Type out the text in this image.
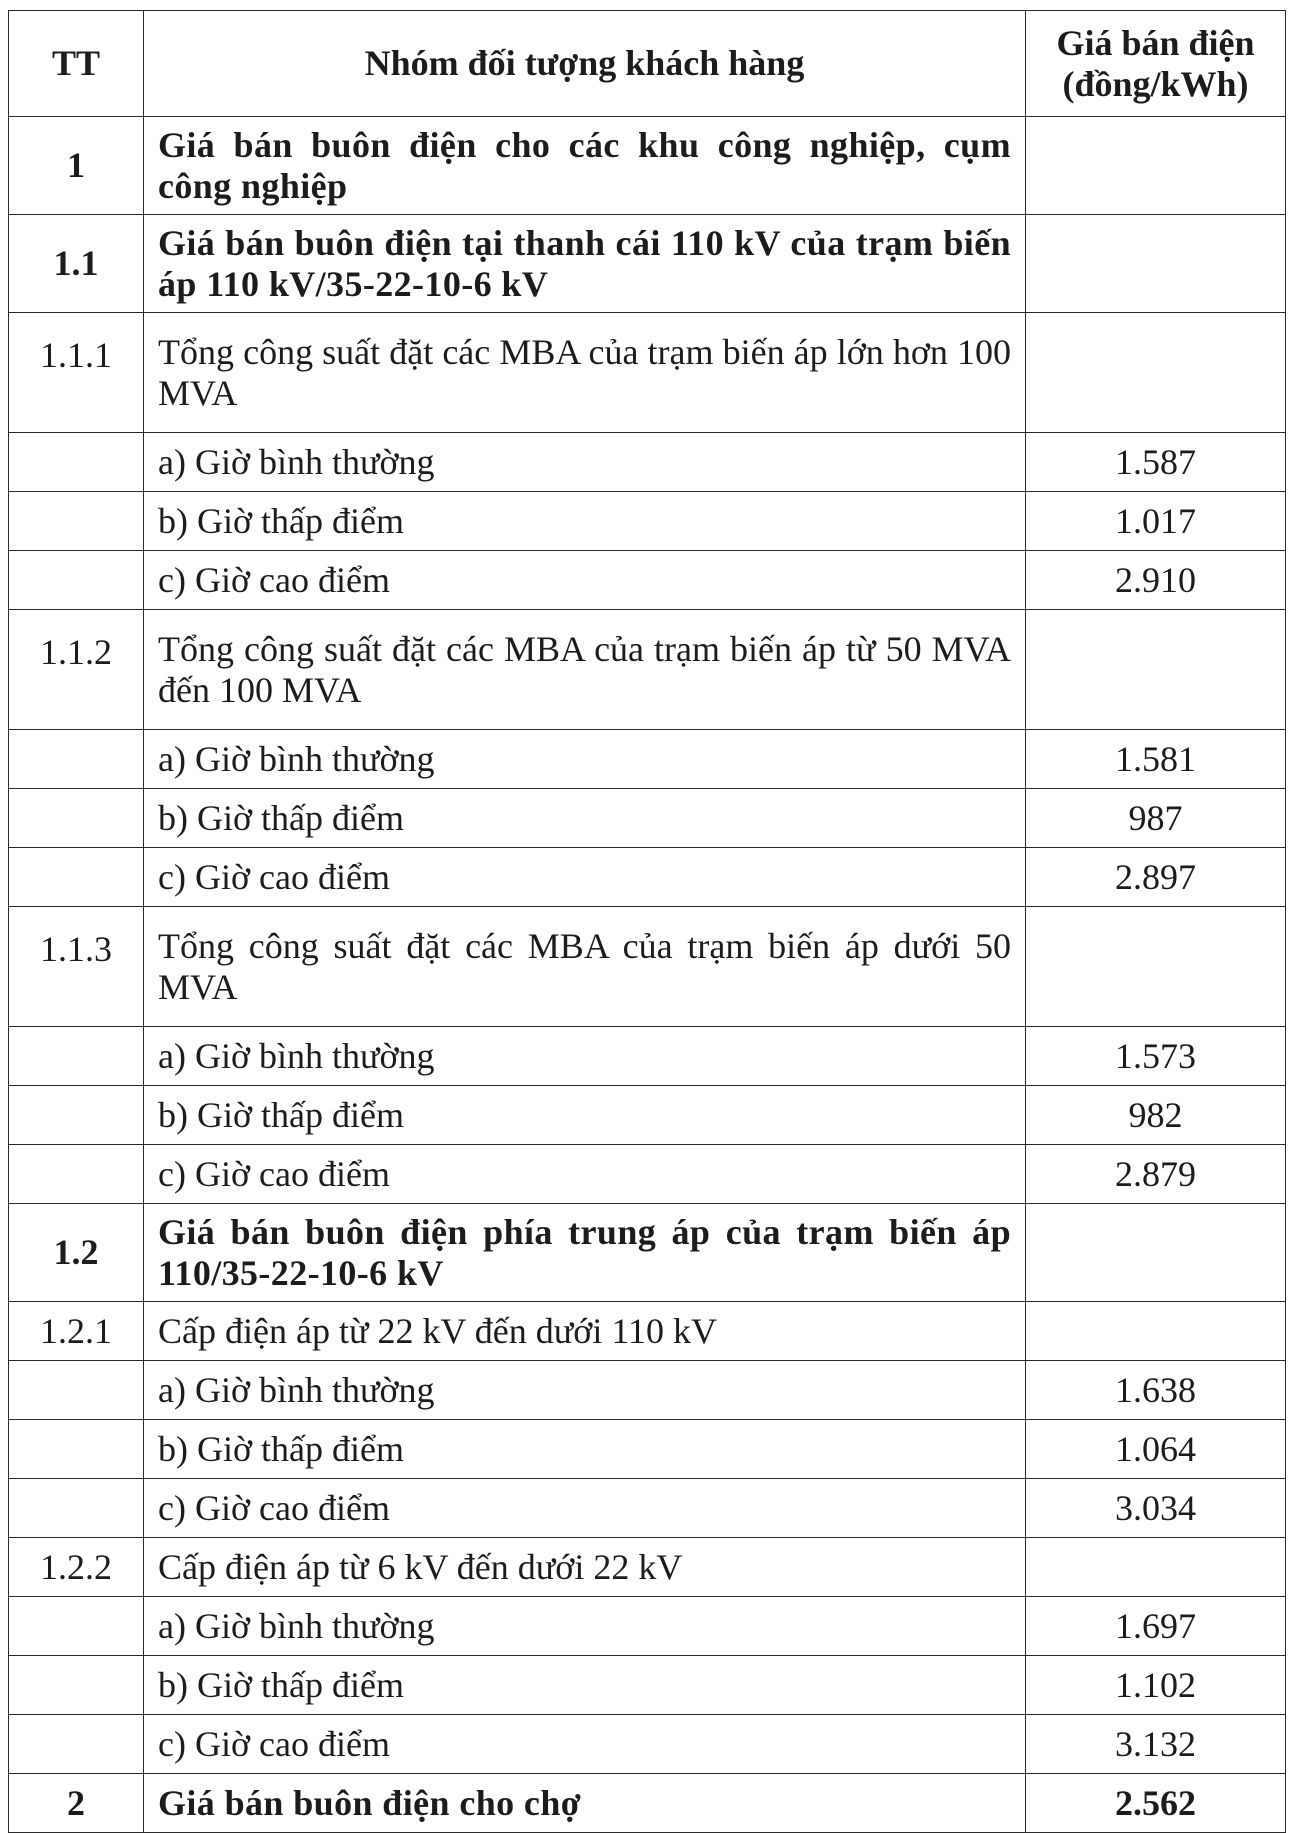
TT	Nhóm đối tượng khách hàng	Giá bán điện
(đồng/kWh)

1	Giá bán buôn điện cho các khu công nghiệp, cụm công nghiệp	
1.1	Giá bán buôn điện tại thanh cái 110 kV của trạm biến áp 110 kV/35-22-10-6 kV	
1.1.1	Tổng công suất đặt các MBA của trạm biến áp lớn hơn 100 MVA	
	a) Giờ bình thường	1.587
	b) Giờ thấp điểm	1.017
	c) Giờ cao điểm	2.910
1.1.2	Tổng công suất đặt các MBA của trạm biến áp từ 50 MVA đến 100 MVA	
	a) Giờ bình thường	1.581
	b) Giờ thấp điểm	987
	c) Giờ cao điểm	2.897
1.1.3	Tổng công suất đặt các MBA của trạm biến áp dưới 50 MVA	
	a) Giờ bình thường	1.573
	b) Giờ thấp điểm	982
	c) Giờ cao điểm	2.879
1.2	Giá bán buôn điện phía trung áp của trạm biến áp 110/35-22-10-6 kV	
1.2.1	Cấp điện áp từ 22 kV đến dưới 110 kV	
	a) Giờ bình thường	1.638
	b) Giờ thấp điểm	1.064
	c) Giờ cao điểm	3.034
1.2.2	Cấp điện áp từ 6 kV đến dưới 22 kV	
	a) Giờ bình thường	1.697
	b) Giờ thấp điểm	1.102
	c) Giờ cao điểm	3.132
2	Giá bán buôn điện cho chợ	2.562
